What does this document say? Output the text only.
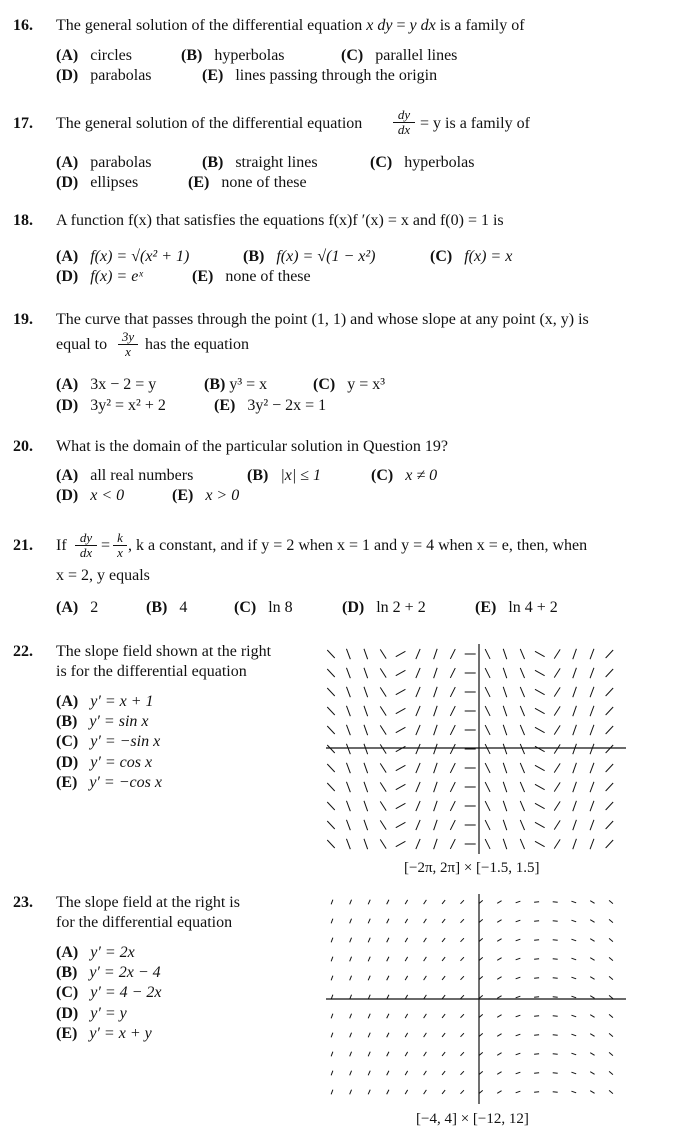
16. The general solution of the differential equation x dy = y dx is a family of
(A) circles	(B) hyperbolas	(C) parallel lines
(D) parabolas	(E) lines passing through the origin
17. The general solution of the differential equation $\frac{dy}{dx} = y$ is a family of
(A) parabolas	(B) straight lines	(C) hyperbolas
(D) ellipses	(E) none of these
18. A function f(x) that satisfies the equations f(x)f ′(x) = x and f(0) = 1 is
(A) f(x) = √(x² + 1)	(B) f(x) = √(1 − x²)	(C) f(x) = x
(D) f(x) = eˣ	(E) none of these
19. The curve that passes through the point (1, 1) and whose slope at any point (x, y) is
equal to $\frac{3y}{x}$ has the equation
(A) 3x − 2 = y	(B) y³ = x	(C) y = x³
(D) 3y² = x² + 2	(E) 3y² − 2x = 1
20. What is the domain of the particular solution in Question 19?
(A) all real numbers	(B) |x| ≤ 1	(C) x ≠ 0
(D) x < 0	(E) x > 0
21. If $\frac{dy}{dx} = \frac{k}{x}$ , k a constant, and if y = 2 when x = 1 and y = 4 when x = e, then, when
x = 2, y equals
(A) 2	(B) 4	(C) ln 8	(D) ln 2 + 2	(E) ln 4 + 2
22. The slope field shown at the right
is for the differential equation
(A) y′ = x + 1
(B) y′ = sin x
(C) y′ = −sin x
(D) y′ = cos x
(E) y′ = −cos x
[−2π, 2π] × [−1.5, 1.5]
23. The slope field at the right is
for the differential equation
(A) y′ = 2x
(B) y′ = 2x − 4
(C) y′ = 4 − 2x
(D) y′ = y
(E) y′ = x + y
[−4, 4] × [−12, 12]
